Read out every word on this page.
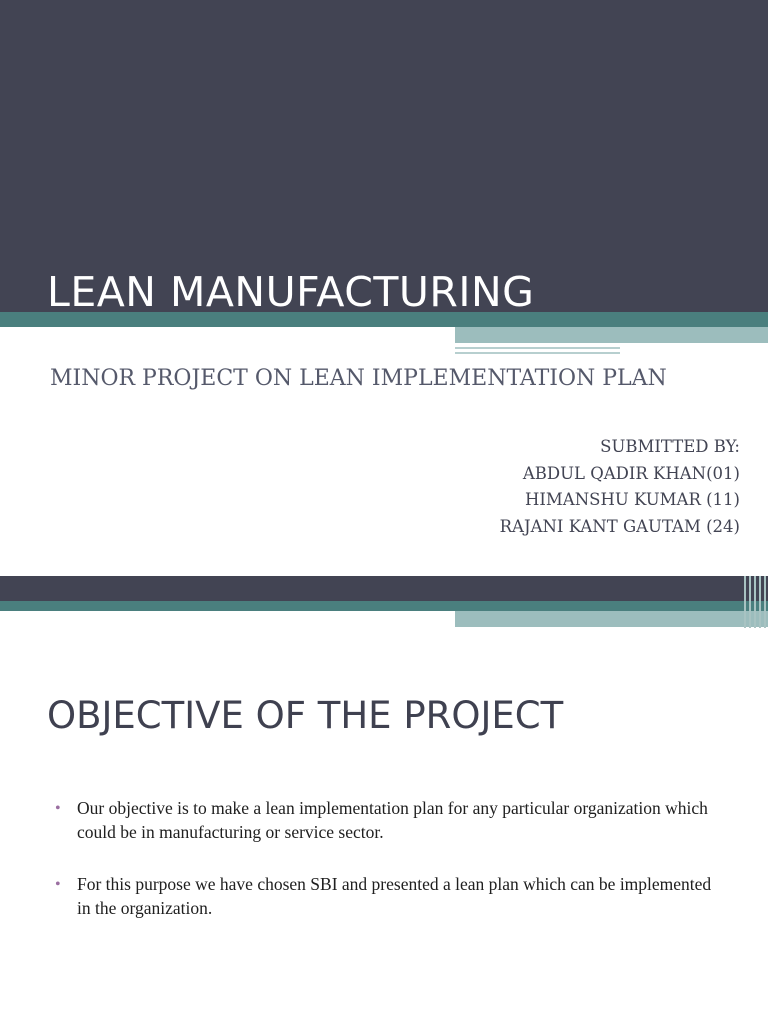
LEAN MANUFACTURING
MINOR PROJECT ON LEAN IMPLEMENTATION PLAN
SUBMITTED BY:
ABDUL QADIR KHAN(01)
HIMANSHU KUMAR (11)
RAJANI KANT GAUTAM (24)
OBJECTIVE OF THE PROJECT
• Our objective is to make a lean implementation plan for any particular organization which could be in manufacturing or service sector.
• For this purpose we have chosen SBI and presented a lean plan which can be implemented in the organization.
